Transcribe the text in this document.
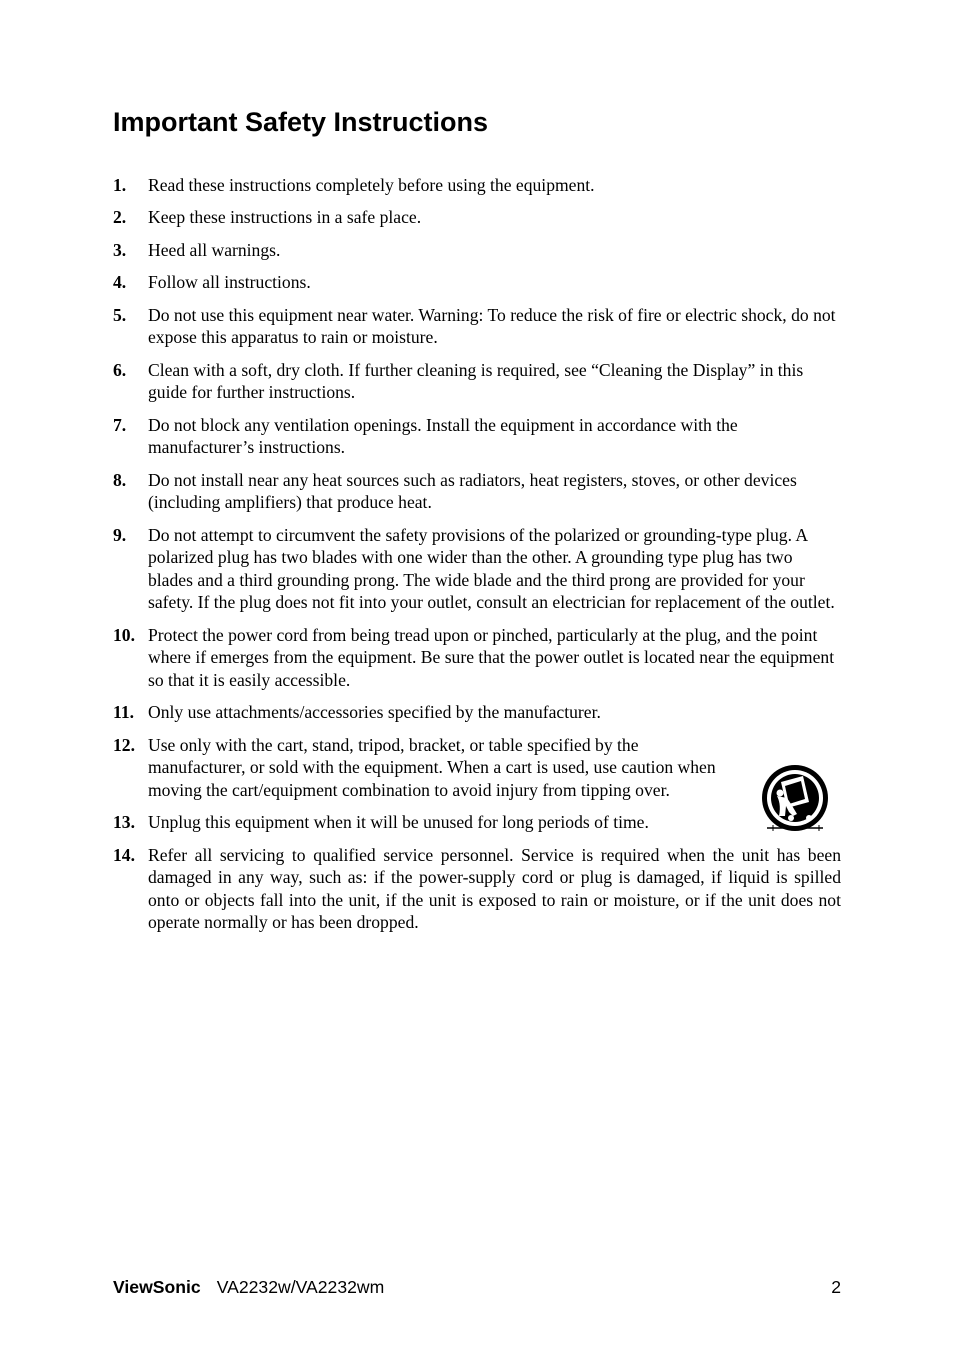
Important Safety Instructions
1. Read these instructions completely before using the equipment.
2. Keep these instructions in a safe place.
3. Heed all warnings.
4. Follow all instructions.
5. Do not use this equipment near water. Warning: To reduce the risk of fire or electric shock, do not expose this apparatus to rain or moisture.
6. Clean with a soft, dry cloth. If further cleaning is required, see “Cleaning the Display” in this guide for further instructions.
7. Do not block any ventilation openings. Install the equipment in accordance with the manufacturer’s instructions.
8. Do not install near any heat sources such as radiators, heat registers, stoves, or other devices (including amplifiers) that produce heat.
9. Do not attempt to circumvent the safety provisions of the polarized or grounding-type plug. A polarized plug has two blades with one wider than the other. A grounding type plug has two blades and a third grounding prong. The wide blade and the third prong are provided for your safety. If the plug does not fit into your outlet, consult an electrician for replacement of the outlet.
10. Protect the power cord from being tread upon or pinched, particularly at the plug, and the point where if emerges from the equipment. Be sure that the power outlet is located near the equipment so that it is easily accessible.
11. Only use attachments/accessories specified by the manufacturer.
12. Use only with the cart, stand, tripod, bracket, or table specified by the manufacturer, or sold with the equipment. When a cart is used, use caution when moving the cart/equipment combination to avoid injury from tipping over.
13. Unplug this equipment when it will be unused for long periods of time.
14. Refer all servicing to qualified service personnel. Service is required when the unit has been damaged in any way, such as: if the power-supply cord or plug is damaged, if liquid is spilled onto or objects fall into the unit, if the unit is exposed to rain or moisture, or if the unit does not operate normally or has been dropped.
ViewSonic VA2232w/VA2232wm	2
